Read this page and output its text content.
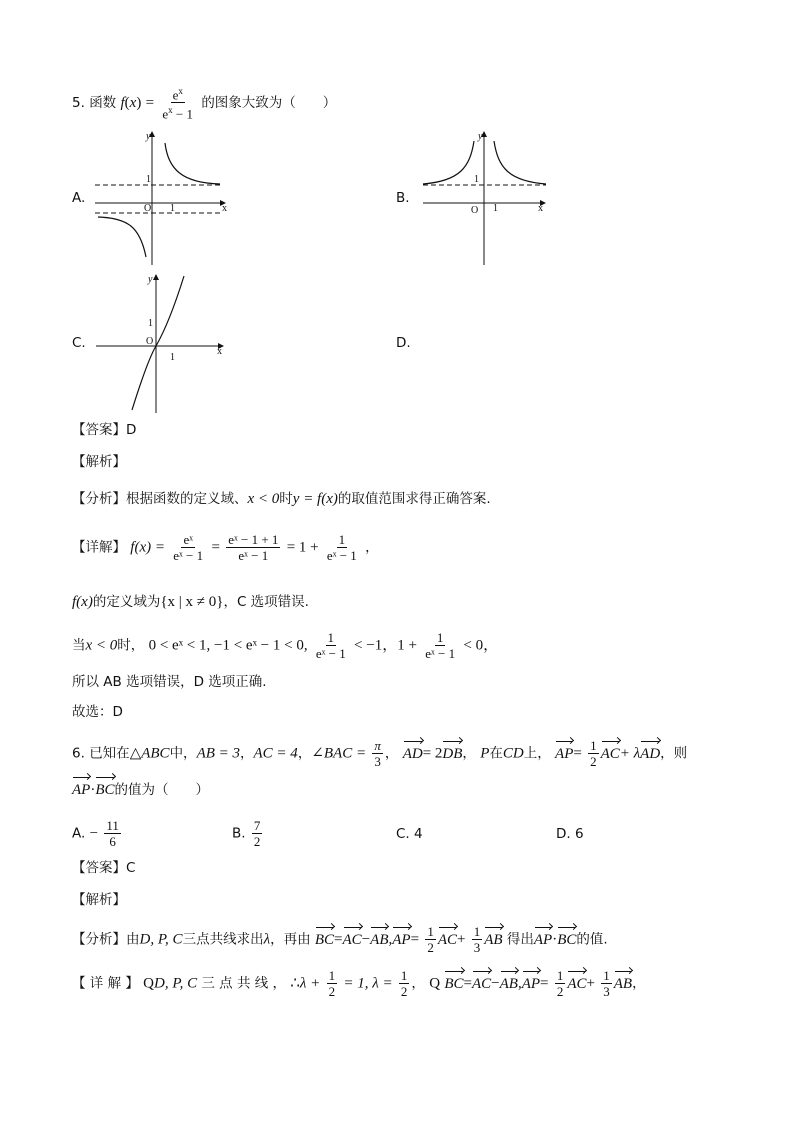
5. 函数 $f(x) = \frac{e^x}{e^x - 1}$ 的图象大致为（　　）
A.
y
x
O
1
1
B.
y
x
O
1
1
C.
y
x
O
1
1
D.
【答案】D
【解析】
【分析】根据函数的定义域、x < 0时y = f(x)的取值范围求得正确答案.
【详解】 $f(x) = \frac{\text{eˣ}}{\text{eˣ − 1}} = \frac{\text{eˣ − 1 + 1}}{\text{eˣ − 1}} = 1 + \frac{1}{\text{eˣ − 1}}$ ，
f(x)的定义域为{x | x ≠ 0}，C 选项错误.
当x < 0时， 0 < eˣ < 1, −1 < eˣ − 1 < 0, $\frac{1}{\text{eˣ − 1}} < -1$，$1 + \frac{1}{\text{eˣ − 1}} < 0$，
所以 AB 选项错误，D 选项正确.
故选：D
6. 已知在△ABC中，AB = 3，AC = 4，∠BAC = $\frac{\pi}{3}$ ， AD= 2DB， P在CD上， $AP= \frac{1}{2} AC+ \lambda AD$，则
AP·BC的值为（　　）
A. − $\frac{11}{6}$	B. $\frac{7}{2}$	C. 4	D. 6
【答案】C
【解析】
【分析】由D, P, C三点共线求出λ，再由 $BC=AC-AB,AP= \frac{1}{2} AC+ \frac{1}{3}$ AB 得出AP·BC的值.
【 详 解 】 QD, P, C 三 点 共 线 ， ∴λ + $\frac{1}{2} = 1$, $\lambda = \frac{1}{2}$ ， Q $BC=AC-AB,AP= \frac{1}{2} AC+ \frac{1}{3}$ AB，
